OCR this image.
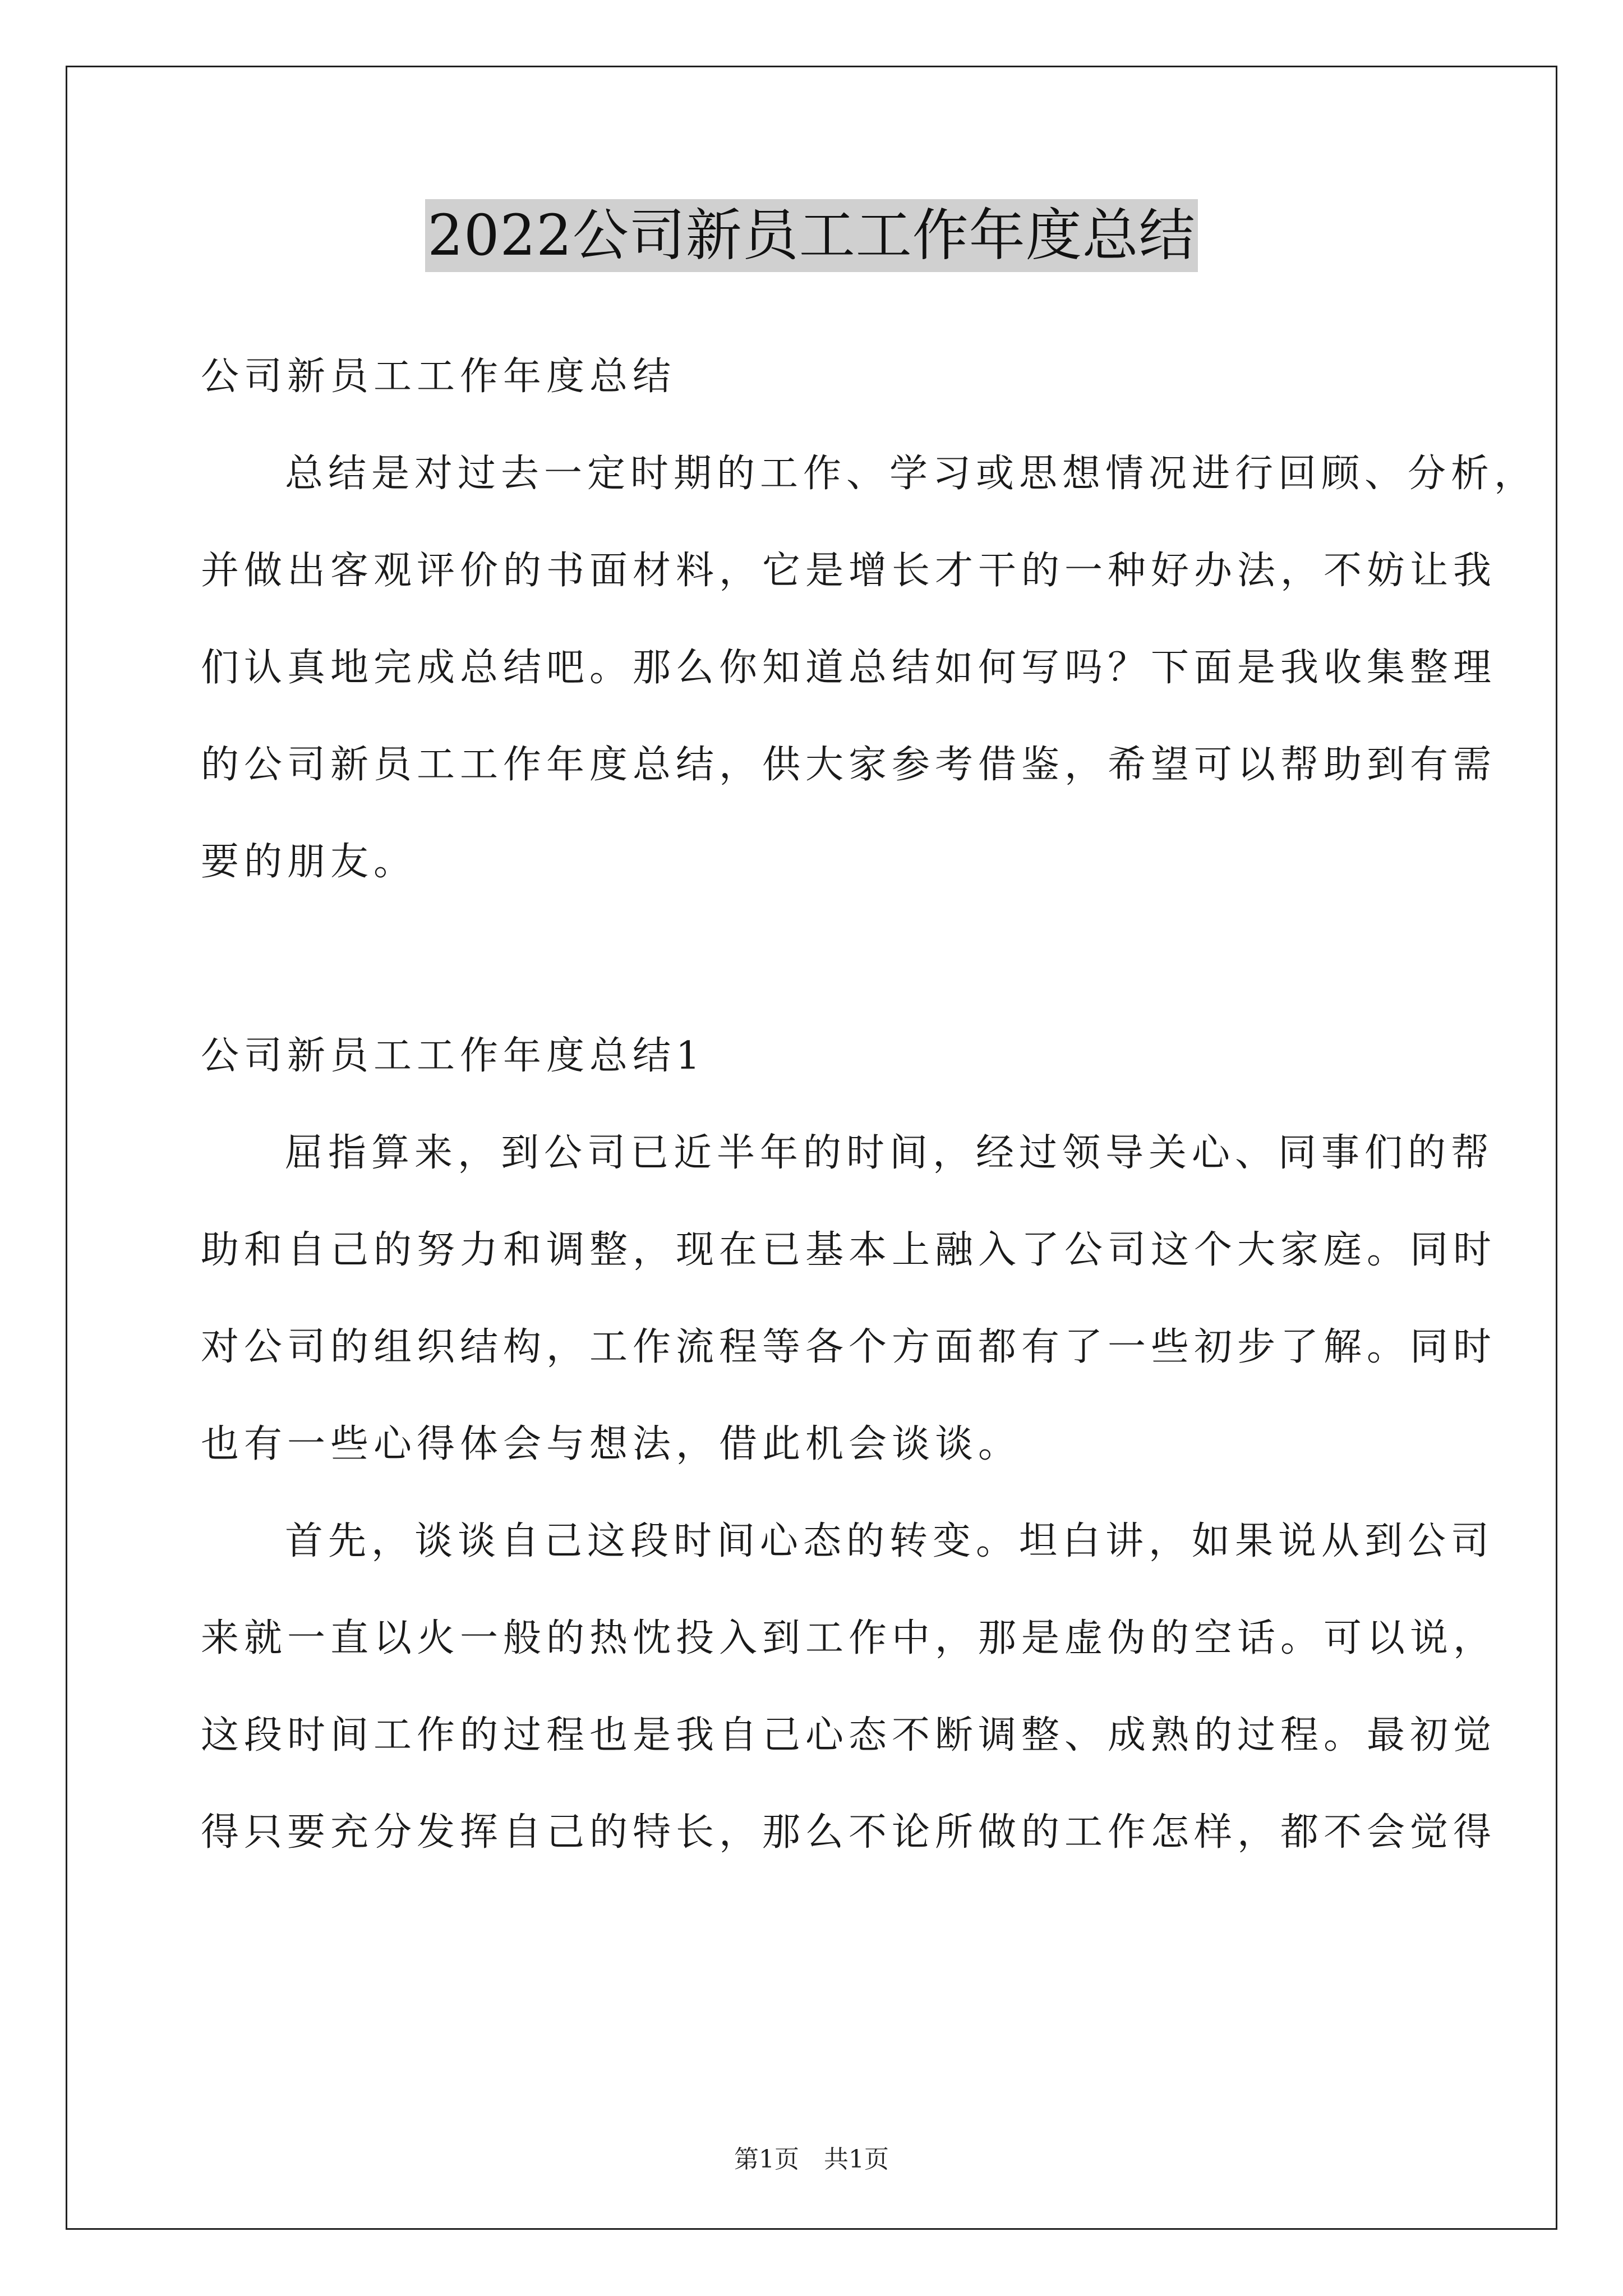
2022公司新员工工作年度总结
公司新员工工作年度总结
总结是对过去一定时期的工作、学习或思想情况进行回顾、分析，
并做出客观评价的书面材料，它是增长才干的一种好办法，不妨让我
们认真地完成总结吧。那么你知道总结如何写吗？下面是我收集整理
的公司新员工工作年度总结，供大家参考借鉴，希望可以帮助到有需
要的朋友。
公司新员工工作年度总结1
屈指算来，到公司已近半年的时间，经过领导关心、同事们的帮
助和自己的努力和调整，现在已基本上融入了公司这个大家庭。同时
对公司的组织结构，工作流程等各个方面都有了一些初步了解。同时
也有一些心得体会与想法，借此机会谈谈。
首先，谈谈自己这段时间心态的转变。坦白讲，如果说从到公司
来就一直以火一般的热忱投入到工作中，那是虚伪的空话。可以说，
这段时间工作的过程也是我自己心态不断调整、成熟的过程。最初觉
得只要充分发挥自己的特长，那么不论所做的工作怎样，都不会觉得
第1页　共1页
